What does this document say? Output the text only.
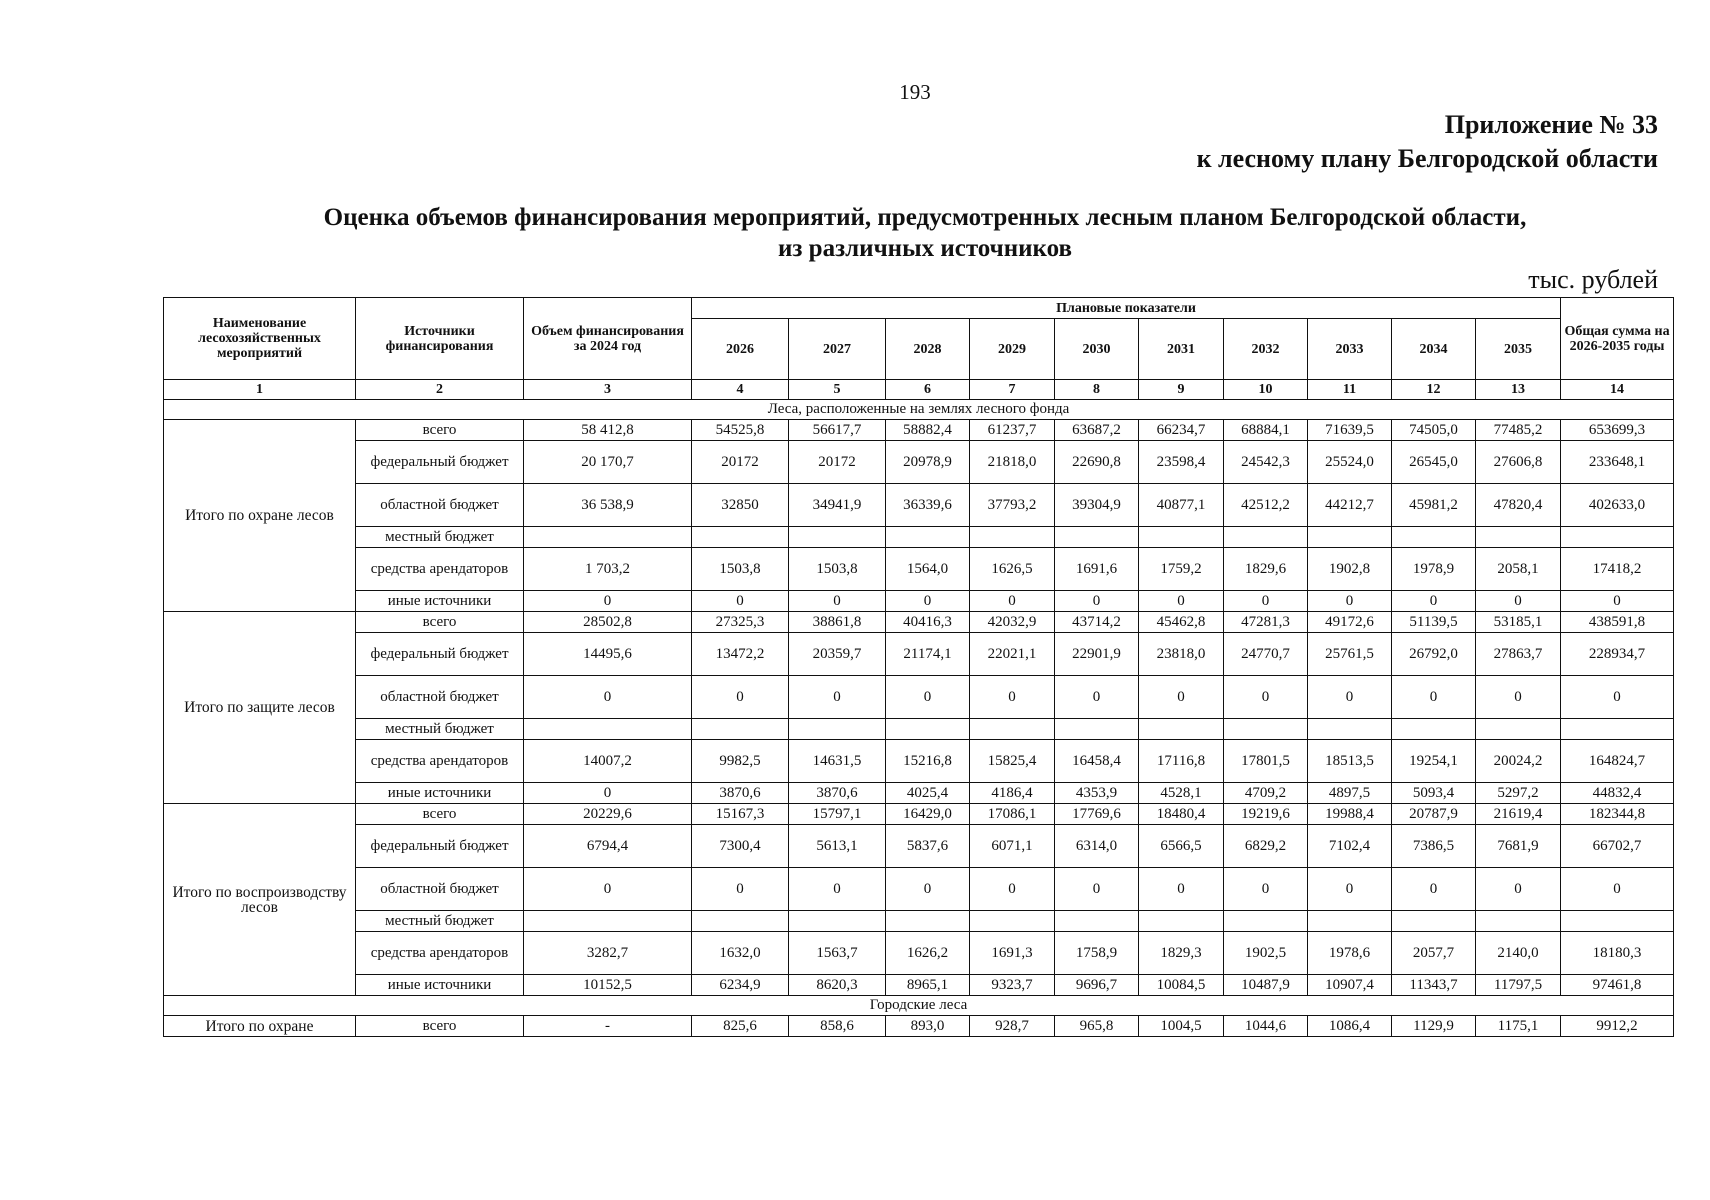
193
Приложение № 33
к лесному плану Белгородской области
Оценка объемов финансирования мероприятий, предусмотренных лесным планом Белгородской области,
из различных источников
тыс. рублей
Наименование лесохозяйственных мероприятий	Источники финансирования	Объем финансирования за 2024 год	Плановые показатели										Общая сумма на 2026-2035 годы
			2026	2027	2028	2029	2030	2031	2032	2033	2034	2035	
1	2	3	4	5	6	7	8	9	10	11	12	13	14
Леса, расположенные на землях лесного фонда													
Итого по охране лесов	всего	58 412,8	54525,8	56617,7	58882,4	61237,7	63687,2	66234,7	68884,1	71639,5	74505,0	77485,2	653699,3
	федеральный бюджет	20 170,7	20172	20172	20978,9	21818,0	22690,8	23598,4	24542,3	25524,0	26545,0	27606,8	233648,1
	областной бюджет	36 538,9	32850	34941,9	36339,6	37793,2	39304,9	40877,1	42512,2	44212,7	45981,2	47820,4	402633,0
	местный бюджет												
	средства арендаторов	1 703,2	1503,8	1503,8	1564,0	1626,5	1691,6	1759,2	1829,6	1902,8	1978,9	2058,1	17418,2
	иные источники	0	0	0	0	0	0	0	0	0	0	0	0
Итого по защите лесов	всего	28502,8	27325,3	38861,8	40416,3	42032,9	43714,2	45462,8	47281,3	49172,6	51139,5	53185,1	438591,8
	федеральный бюджет	14495,6	13472,2	20359,7	21174,1	22021,1	22901,9	23818,0	24770,7	25761,5	26792,0	27863,7	228934,7
	областной бюджет	0	0	0	0	0	0	0	0	0	0	0	0
	местный бюджет												
	средства арендаторов	14007,2	9982,5	14631,5	15216,8	15825,4	16458,4	17116,8	17801,5	18513,5	19254,1	20024,2	164824,7
	иные источники	0	3870,6	3870,6	4025,4	4186,4	4353,9	4528,1	4709,2	4897,5	5093,4	5297,2	44832,4
Итого по воспроизводству лесов	всего	20229,6	15167,3	15797,1	16429,0	17086,1	17769,6	18480,4	19219,6	19988,4	20787,9	21619,4	182344,8
	федеральный бюджет	6794,4	7300,4	5613,1	5837,6	6071,1	6314,0	6566,5	6829,2	7102,4	7386,5	7681,9	66702,7
	областной бюджет	0	0	0	0	0	0	0	0	0	0	0	0
	местный бюджет												
	средства арендаторов	3282,7	1632,0	1563,7	1626,2	1691,3	1758,9	1829,3	1902,5	1978,6	2057,7	2140,0	18180,3
	иные источники	10152,5	6234,9	8620,3	8965,1	9323,7	9696,7	10084,5	10487,9	10907,4	11343,7	11797,5	97461,8
Городские леса													
Итого по охране	всего	-	825,6	858,6	893,0	928,7	965,8	1004,5	1044,6	1086,4	1129,9	1175,1	9912,2
